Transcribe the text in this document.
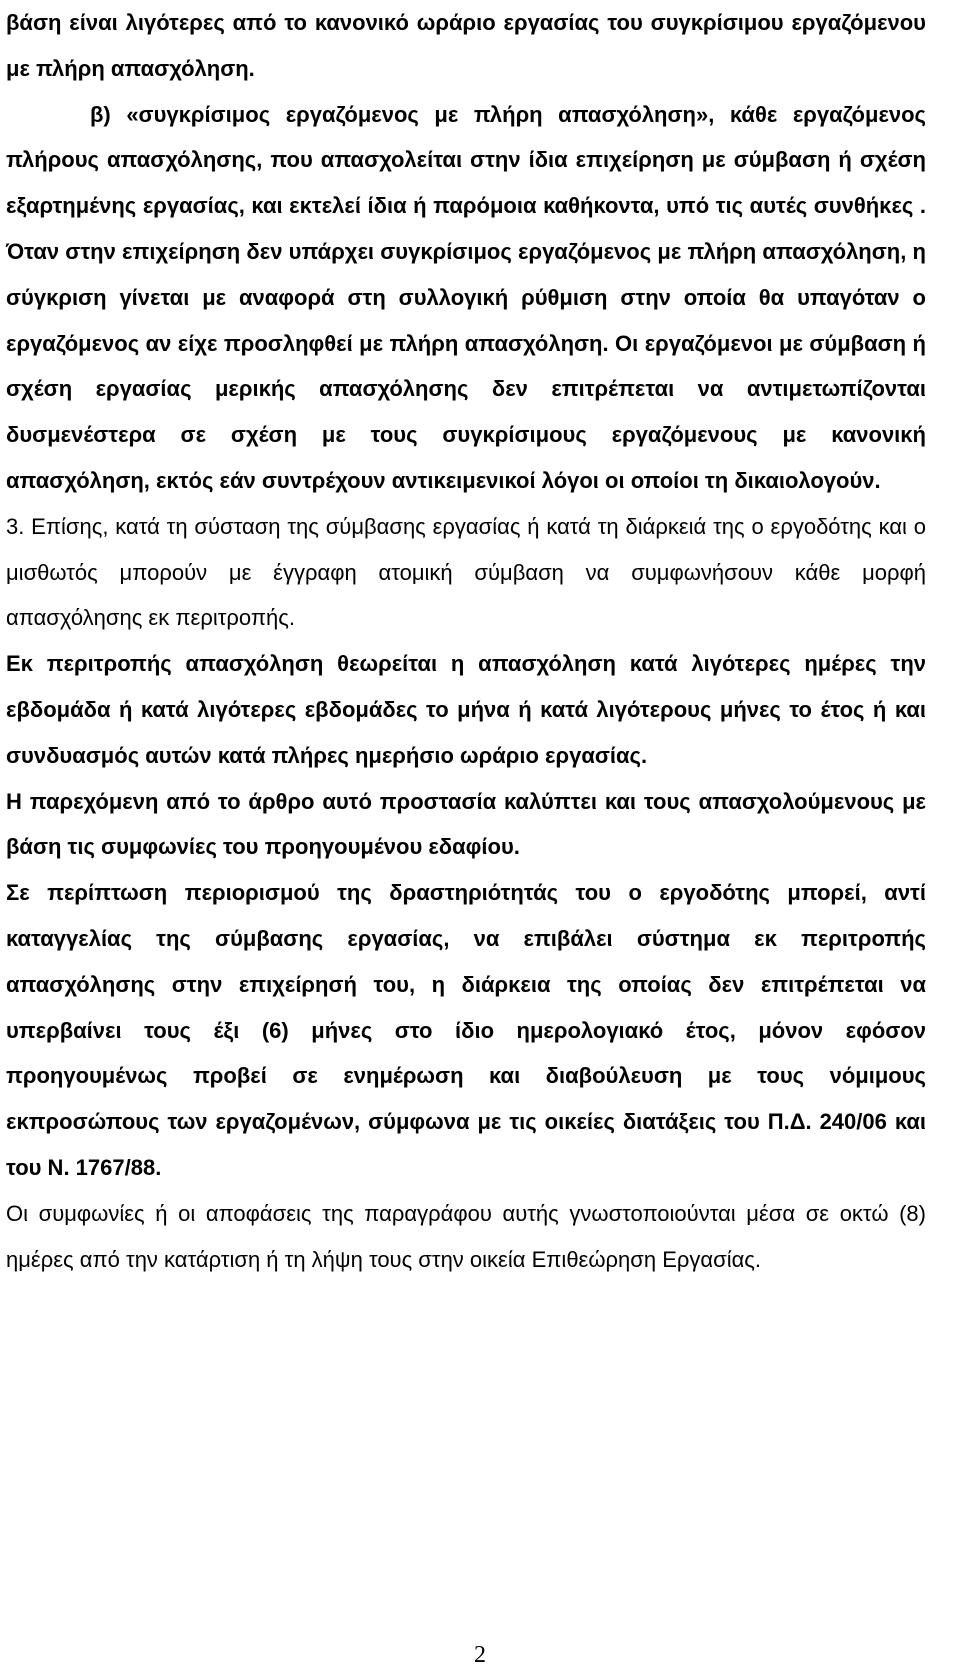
βάση είναι λιγότερες από το κανονικό ωράριο εργασίας του συγκρίσιμου εργαζόμενου με πλήρη απασχόληση.

β) «συγκρίσιμος εργαζόμενος με πλήρη απασχόληση», κάθε εργαζόμενος πλήρους απασχόλησης, που απασχολείται στην ίδια επιχείρηση με σύμβαση ή σχέση εξαρτημένης εργασίας, και εκτελεί ίδια ή παρόμοια καθήκοντα, υπό τις αυτές συνθήκες . Όταν στην επιχείρηση δεν υπάρχει συγκρίσιμος εργαζόμενος με πλήρη απασχόληση, η σύγκριση γίνεται με αναφορά στη συλλογική ρύθμιση στην οποία θα υπαγόταν ο εργαζόμενος αν είχε προσληφθεί με πλήρη απασχόληση. Οι εργαζόμενοι με σύμβαση ή σχέση εργασίας μερικής απασχόλησης δεν επιτρέπεται να αντιμετωπίζονται δυσμενέστερα σε σχέση με τους συγκρίσιμους εργαζόμενους με κανονική απασχόληση, εκτός εάν συντρέχουν αντικειμενικοί λόγοι οι οποίοι τη δικαιολογούν.

3. Επίσης, κατά τη σύσταση της σύμβασης εργασίας ή κατά τη διάρκειά της ο εργοδότης και ο μισθωτός μπορούν με έγγραφη ατομική σύμβαση να συμφωνήσουν κάθε μορφή απασχόλησης εκ περιτροπής.

Εκ περιτροπής απασχόληση θεωρείται η απασχόληση κατά λιγότερες ημέρες την εβδομάδα ή κατά λιγότερες εβδομάδες το μήνα ή κατά λιγότερους μήνες το έτος ή και συνδυασμός αυτών κατά πλήρες ημερήσιο ωράριο εργασίας.

Η παρεχόμενη από το άρθρο αυτό προστασία καλύπτει και τους απασχολούμενους με βάση τις συμφωνίες του προηγουμένου εδαφίου.

Σε περίπτωση περιορισμού της δραστηριότητάς του ο εργοδότης μπορεί, αντί καταγγελίας της σύμβασης εργασίας, να επιβάλει σύστημα εκ περιτροπής απασχόλησης στην επιχείρησή του, η διάρκεια της οποίας δεν επιτρέπεται να υπερβαίνει τους έξι (6) μήνες στο ίδιο ημερολογιακό έτος, μόνον εφόσον προηγουμένως προβεί σε ενημέρωση και διαβούλευση με τους νόμιμους εκπροσώπους των εργαζομένων, σύμφωνα με τις οικείες διατάξεις του Π.Δ. 240/06 και του Ν. 1767/88.

Οι συμφωνίες ή οι αποφάσεις της παραγράφου αυτής γνωστοποιούνται μέσα σε οκτώ (8) ημέρες από την κατάρτιση ή τη λήψη τους στην οικεία Επιθεώρηση Εργασίας.

2
